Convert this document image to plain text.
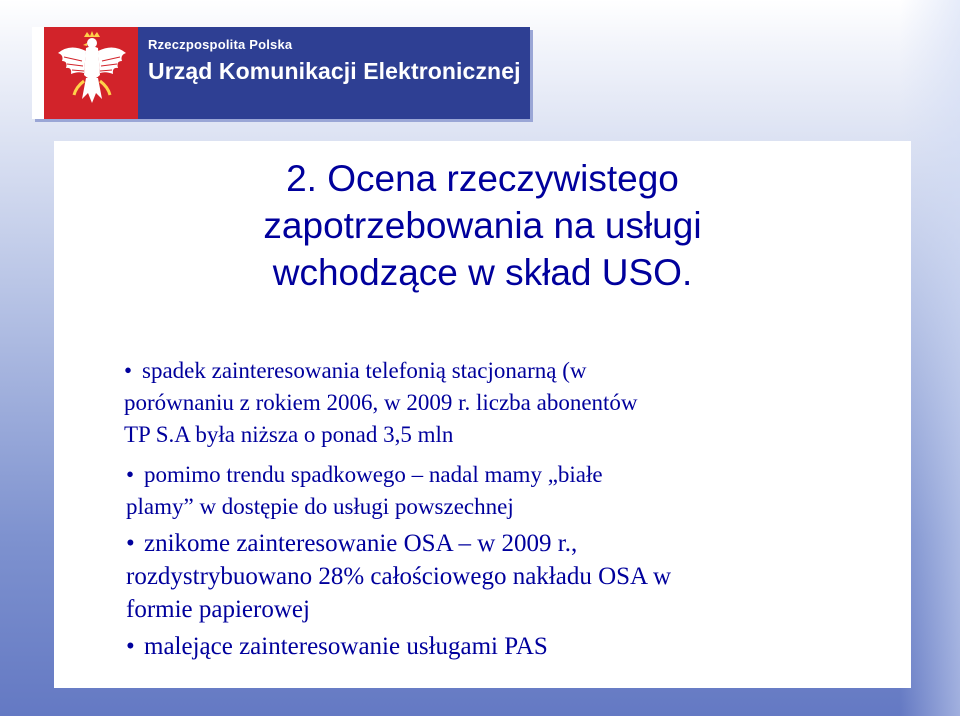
Rzeczpospolita Polska
Urząd Komunikacji Elektronicznej
2. Ocena rzeczywistego
zapotrzebowania na usługi
wchodzące w skład USO.
• spadek zainteresowania telefonią stacjonarną (w
porównaniu z rokiem 2006, w 2009 r. liczba abonentów
TP S.A była niższa o ponad 3,5 mln
• pomimo trendu spadkowego – nadal mamy „białe
plamy” w dostępie do usługi powszechnej
• znikome zainteresowanie OSA – w 2009 r.,
rozdystrybuowano 28% całościowego nakładu OSA w
formie papierowej
• malejące zainteresowanie usługami PAS
